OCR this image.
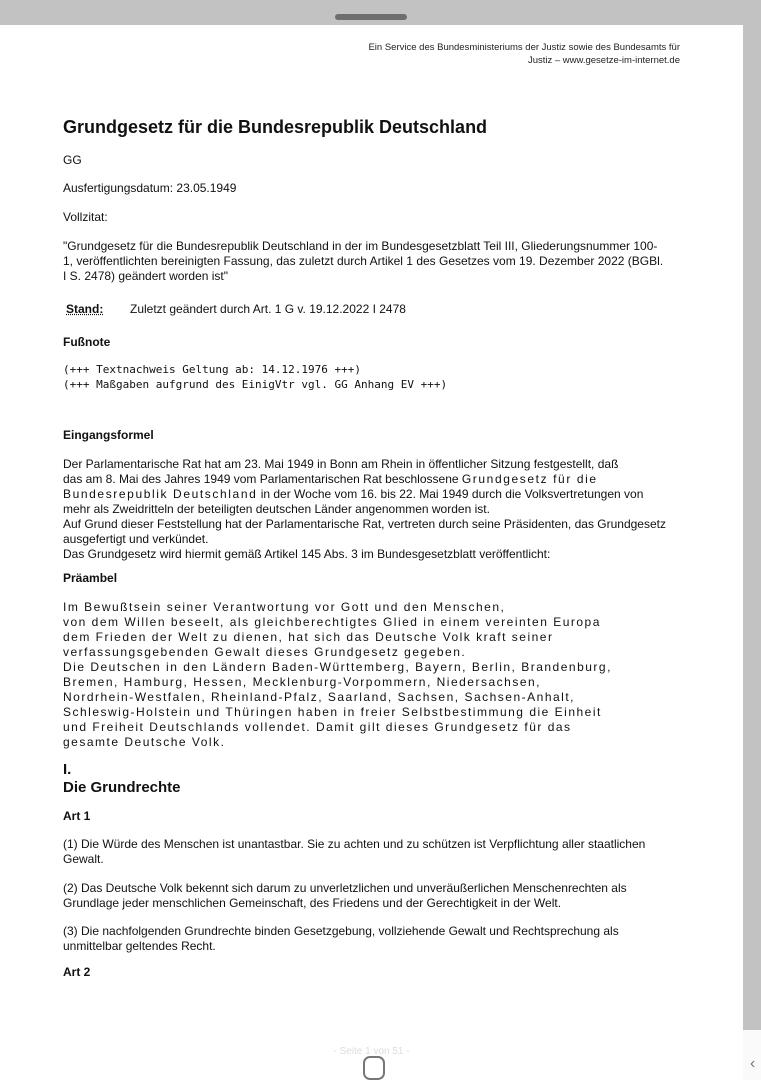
‹
Ein Service des Bundesministeriums der Justiz sowie des Bundesamts für
Justiz – www.gesetze-im-internet.de
Grundgesetz für die Bundesrepublik Deutschland
GG
Ausfertigungsdatum: 23.05.1949
Vollzitat:
"Grundgesetz für die Bundesrepublik Deutschland in der im Bundesgesetzblatt Teil III, Gliederungsnummer 100-
1, veröffentlichten bereinigten Fassung, das zuletzt durch Artikel 1 des Gesetzes vom 19. Dezember 2022 (BGBl.
I S. 2478) geändert worden ist"
Stand: Zuletzt geändert durch Art. 1 G v. 19.12.2022 I 2478
Fußnote
(+++ Textnachweis Geltung ab: 14.12.1976 +++)
(+++ Maßgaben aufgrund des EinigVtr vgl. GG Anhang EV +++)
Eingangsformel
Der Parlamentarische Rat hat am 23. Mai 1949 in Bonn am Rhein in öffentlicher Sitzung festgestellt, daß
das am 8. Mai des Jahres 1949 vom Parlamentarischen Rat beschlossene Grundgesetz für die
Bundesrepublik Deutschland in der Woche vom 16. bis 22. Mai 1949 durch die Volksvertretungen von
mehr als Zweidritteln der beteiligten deutschen Länder angenommen worden ist.
Auf Grund dieser Feststellung hat der Parlamentarische Rat, vertreten durch seine Präsidenten, das Grundgesetz
ausgefertigt und verkündet.
Das Grundgesetz wird hiermit gemäß Artikel 145 Abs. 3 im Bundesgesetzblatt veröffentlicht:
Präambel
Im Bewußtsein seiner Verantwortung vor Gott und den Menschen,
von dem Willen beseelt, als gleichberechtigtes Glied in einem vereinten Europa
dem Frieden der Welt zu dienen, hat sich das Deutsche Volk kraft seiner
verfassungsgebenden Gewalt dieses Grundgesetz gegeben.
Die Deutschen in den Ländern Baden-Württemberg, Bayern, Berlin, Brandenburg,
Bremen, Hamburg, Hessen, Mecklenburg-Vorpommern, Niedersachsen,
Nordrhein-Westfalen, Rheinland-Pfalz, Saarland, Sachsen, Sachsen-Anhalt,
Schleswig-Holstein und Thüringen haben in freier Selbstbestimmung die Einheit
und Freiheit Deutschlands vollendet. Damit gilt dieses Grundgesetz für das
gesamte Deutsche Volk.
I.
Die Grundrechte
Art 1
(1) Die Würde des Menschen ist unantastbar. Sie zu achten und zu schützen ist Verpflichtung aller staatlichen
Gewalt.
(2) Das Deutsche Volk bekennt sich darum zu unverletzlichen und unveräußerlichen Menschenrechten als
Grundlage jeder menschlichen Gemeinschaft, des Friedens und der Gerechtigkeit in der Welt.
(3) Die nachfolgenden Grundrechte binden Gesetzgebung, vollziehende Gewalt und Rechtsprechung als
unmittelbar geltendes Recht.
Art 2
- Seite 1 von 51 -
